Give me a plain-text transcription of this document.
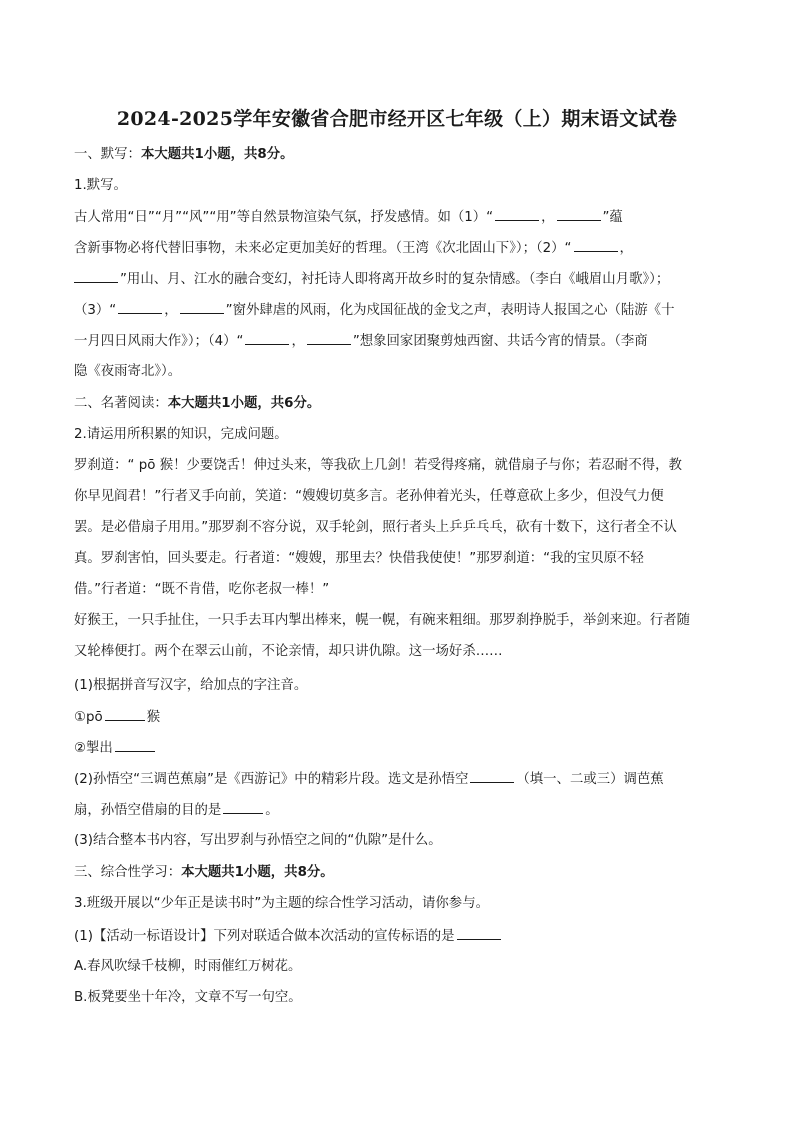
2024-2025学年安徽省合肥市经开区七年级（上）期末语文试卷
一、默写：本大题共1小题，共8分。
1.默写。
古人常用“日”“月”“风”“用”等自然景物渲染气氛，抒发感情。如（1）“	，	”蕴
含新事物必将代替旧事物，未来必定更加美好的哲理。（王湾《次北固山下》）；（2）“	，
”用山、月、江水的融合变幻，衬托诗人即将离开故乡时的复杂情感。（李白《峨眉山月歌》）；
（3）“	，	”窗外肆虐的风雨，化为戍国征战的金戈之声，表明诗人报国之心（陆游《十
一月四日风雨大作》）；（4）“	，	”想象回家团聚剪烛西窗、共话今宵的情景。（李商
隐《夜雨寄北》）。
二、名著阅读：本大题共1小题，共6分。
2.请运用所积累的知识，完成问题。
罗刹道：“ pō 猴！少要饶舌！伸过头来，等我砍上几剑！若受得疼痛，就借扇子与你；若忍耐不得，教
你早见阎君！”行者叉手向前，笑道：“嫂嫂切莫多言。老孙伸着光头，任尊意砍上多少，但没气力便
罢。是必借扇子用用。”那罗刹不容分说，双手轮剑，照行者头上乒乒乓乓，砍有十数下，这行者全不认
真。罗刹害怕，回头要走。行者道：“嫂嫂，那里去？快借我使使！”那罗刹道：“我的宝贝原不轻
借。”行者道：“既不肯借，吃你老叔一棒！”
好猴王，一只手扯住，一只手去耳内掣出棒来，幌一幌，有碗来粗细。那罗刹挣脱手，举剑来迎。行者随
又轮棒便打。两个在翠云山前，不论亲情，却只讲仇隙。这一场好杀……
(1)根据拼音写汉字，给加点的字注音。
①pō	猴
②掣出
(2)孙悟空“三调芭蕉扇”是《西游记》中的精彩片段。选文是孙悟空	（填一、二或三）调芭蕉
扇，孙悟空借扇的目的是	。
(3)结合整本书内容，写出罗刹与孙悟空之间的“仇隙”是什么。
三、综合性学习：本大题共1小题，共8分。
3.班级开展以“少年正是读书时”为主题的综合性学习活动，请你参与。
(1)【活动一标语设计】下列对联适合做本次活动的宣传标语的是
A.春风吹绿千枝柳，时雨催红万树花。
B.板凳要坐十年冷，文章不写一句空。
